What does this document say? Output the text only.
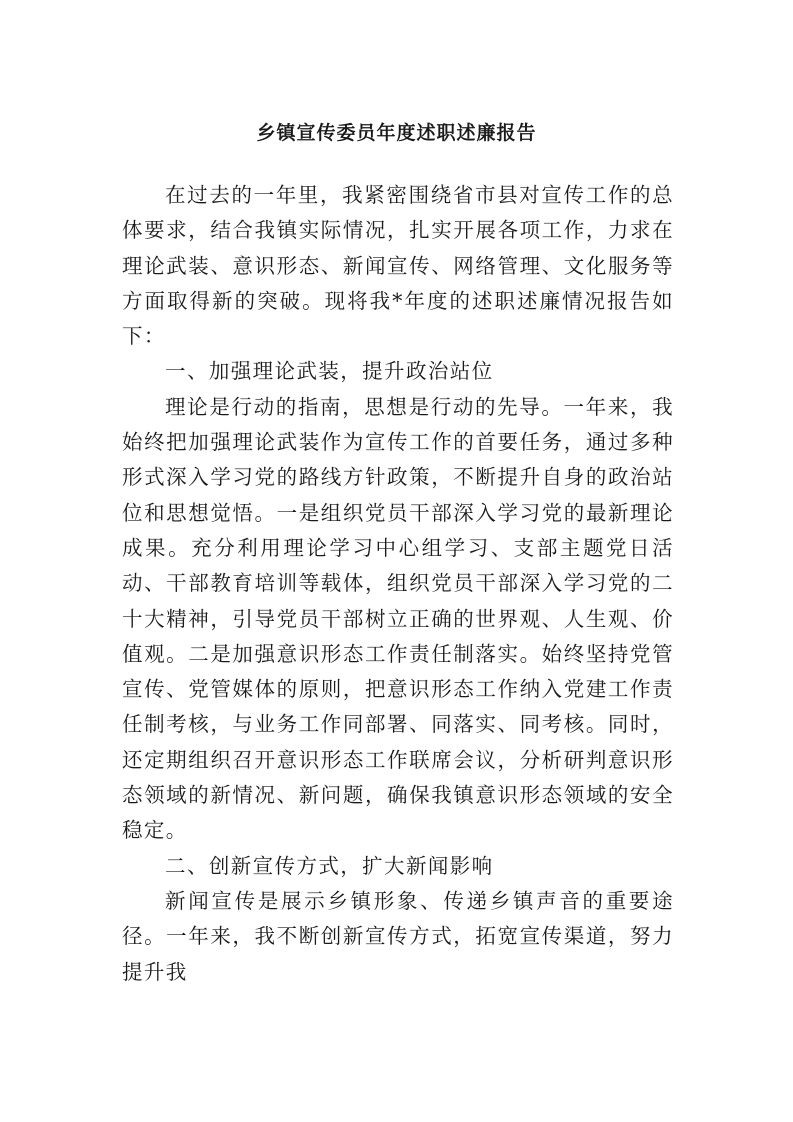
乡镇宣传委员年度述职述廉报告

在过去的一年里，我紧密围绕省市县对宣传工作的总体要求，结合我镇实际情况，扎实开展各项工作，力求在理论武装、意识形态、新闻宣传、网络管理、文化服务等方面取得新的突破。现将我*年度的述职述廉情况报告如下：

一、加强理论武装，提升政治站位

理论是行动的指南，思想是行动的先导。一年来，我始终把加强理论武装作为宣传工作的首要任务，通过多种形式深入学习党的路线方针政策，不断提升自身的政治站位和思想觉悟。一是组织党员干部深入学习党的最新理论成果。充分利用理论学习中心组学习、支部主题党日活动、干部教育培训等载体，组织党员干部深入学习党的二十大精神，引导党员干部树立正确的世界观、人生观、价值观。二是加强意识形态工作责任制落实。始终坚持党管宣传、党管媒体的原则，把意识形态工作纳入党建工作责任制考核，与业务工作同部署、同落实、同考核。同时，还定期组织召开意识形态工作联席会议，分析研判意识形态领域的新情况、新问题，确保我镇意识形态领域的安全稳定。

二、创新宣传方式，扩大新闻影响

新闻宣传是展示乡镇形象、传递乡镇声音的重要途径。一年来，我不断创新宣传方式，拓宽宣传渠道，努力提升我
